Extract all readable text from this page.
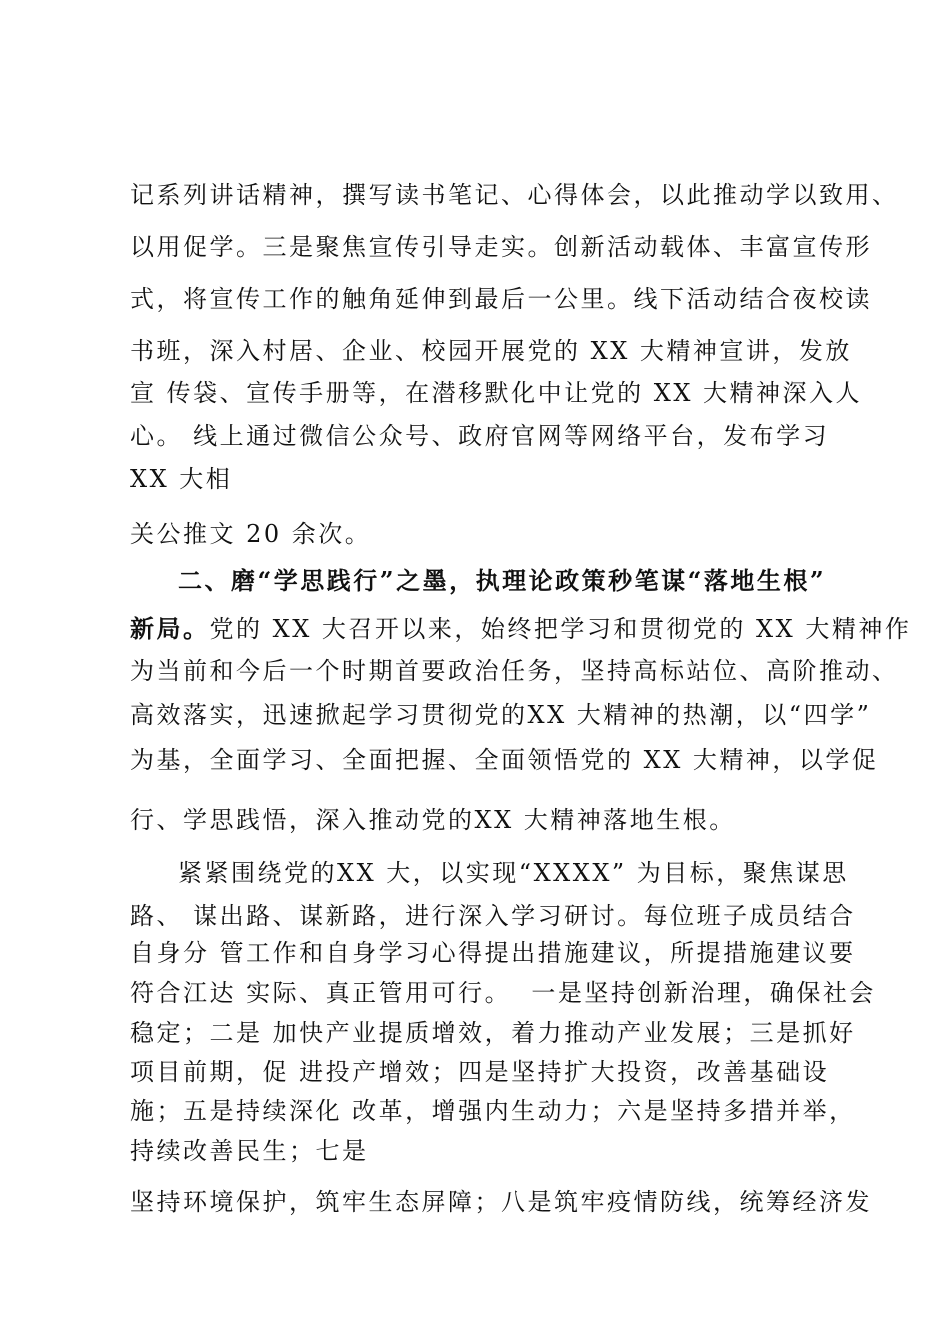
记系列讲话精神，撰写读书笔记、心得体会，以此推动学以致用、
以用促学。三是聚焦宣传引导走实。创新活动载体、丰富宣传形
式，将宣传工作的触角延伸到最后一公里。线下活动结合夜校读
书班，深入村居、企业、校园开展党的 XX 大精神宣讲，发放
宣 传袋、宣传手册等，在潜移默化中让党的 XX 大精神深入人
心。 线上通过微信公众号、政府官网等网络平台，发布学习
XX 大相
关公推文 20 余次。
二、磨“学思践行”之墨，执理论政策秒笔谋“落地生根”
新局。党的 XX 大召开以来，始终把学习和贯彻党的 XX 大精神作
为当前和今后一个时期首要政治任务，坚持高标站位、高阶推动、
高效落实，迅速掀起学习贯彻党的XX 大精神的热潮，以“四学”
为基，全面学习、全面把握、全面领悟党的 XX 大精神，以学促
行、学思践悟，深入推动党的XX 大精神落地生根。
紧紧围绕党的XX 大，以实现“XXXX” 为目标，聚焦谋思
路、 谋出路、谋新路，进行深入学习研讨。每位班子成员结合
自身分 管工作和自身学习心得提出措施建议，所提措施建议要
符合江达 实际、真正管用可行。  一是坚持创新治理，确保社会
稳定；二是 加快产业提质增效，着力推动产业发展；三是抓好
项目前期，促 进投产增效；四是坚持扩大投资，改善基础设
施；五是持续深化 改革，增强内生动力；六是坚持多措并举，
持续改善民生；七是
坚持环境保护，筑牢生态屏障；八是筑牢疫情防线，统筹经济发
